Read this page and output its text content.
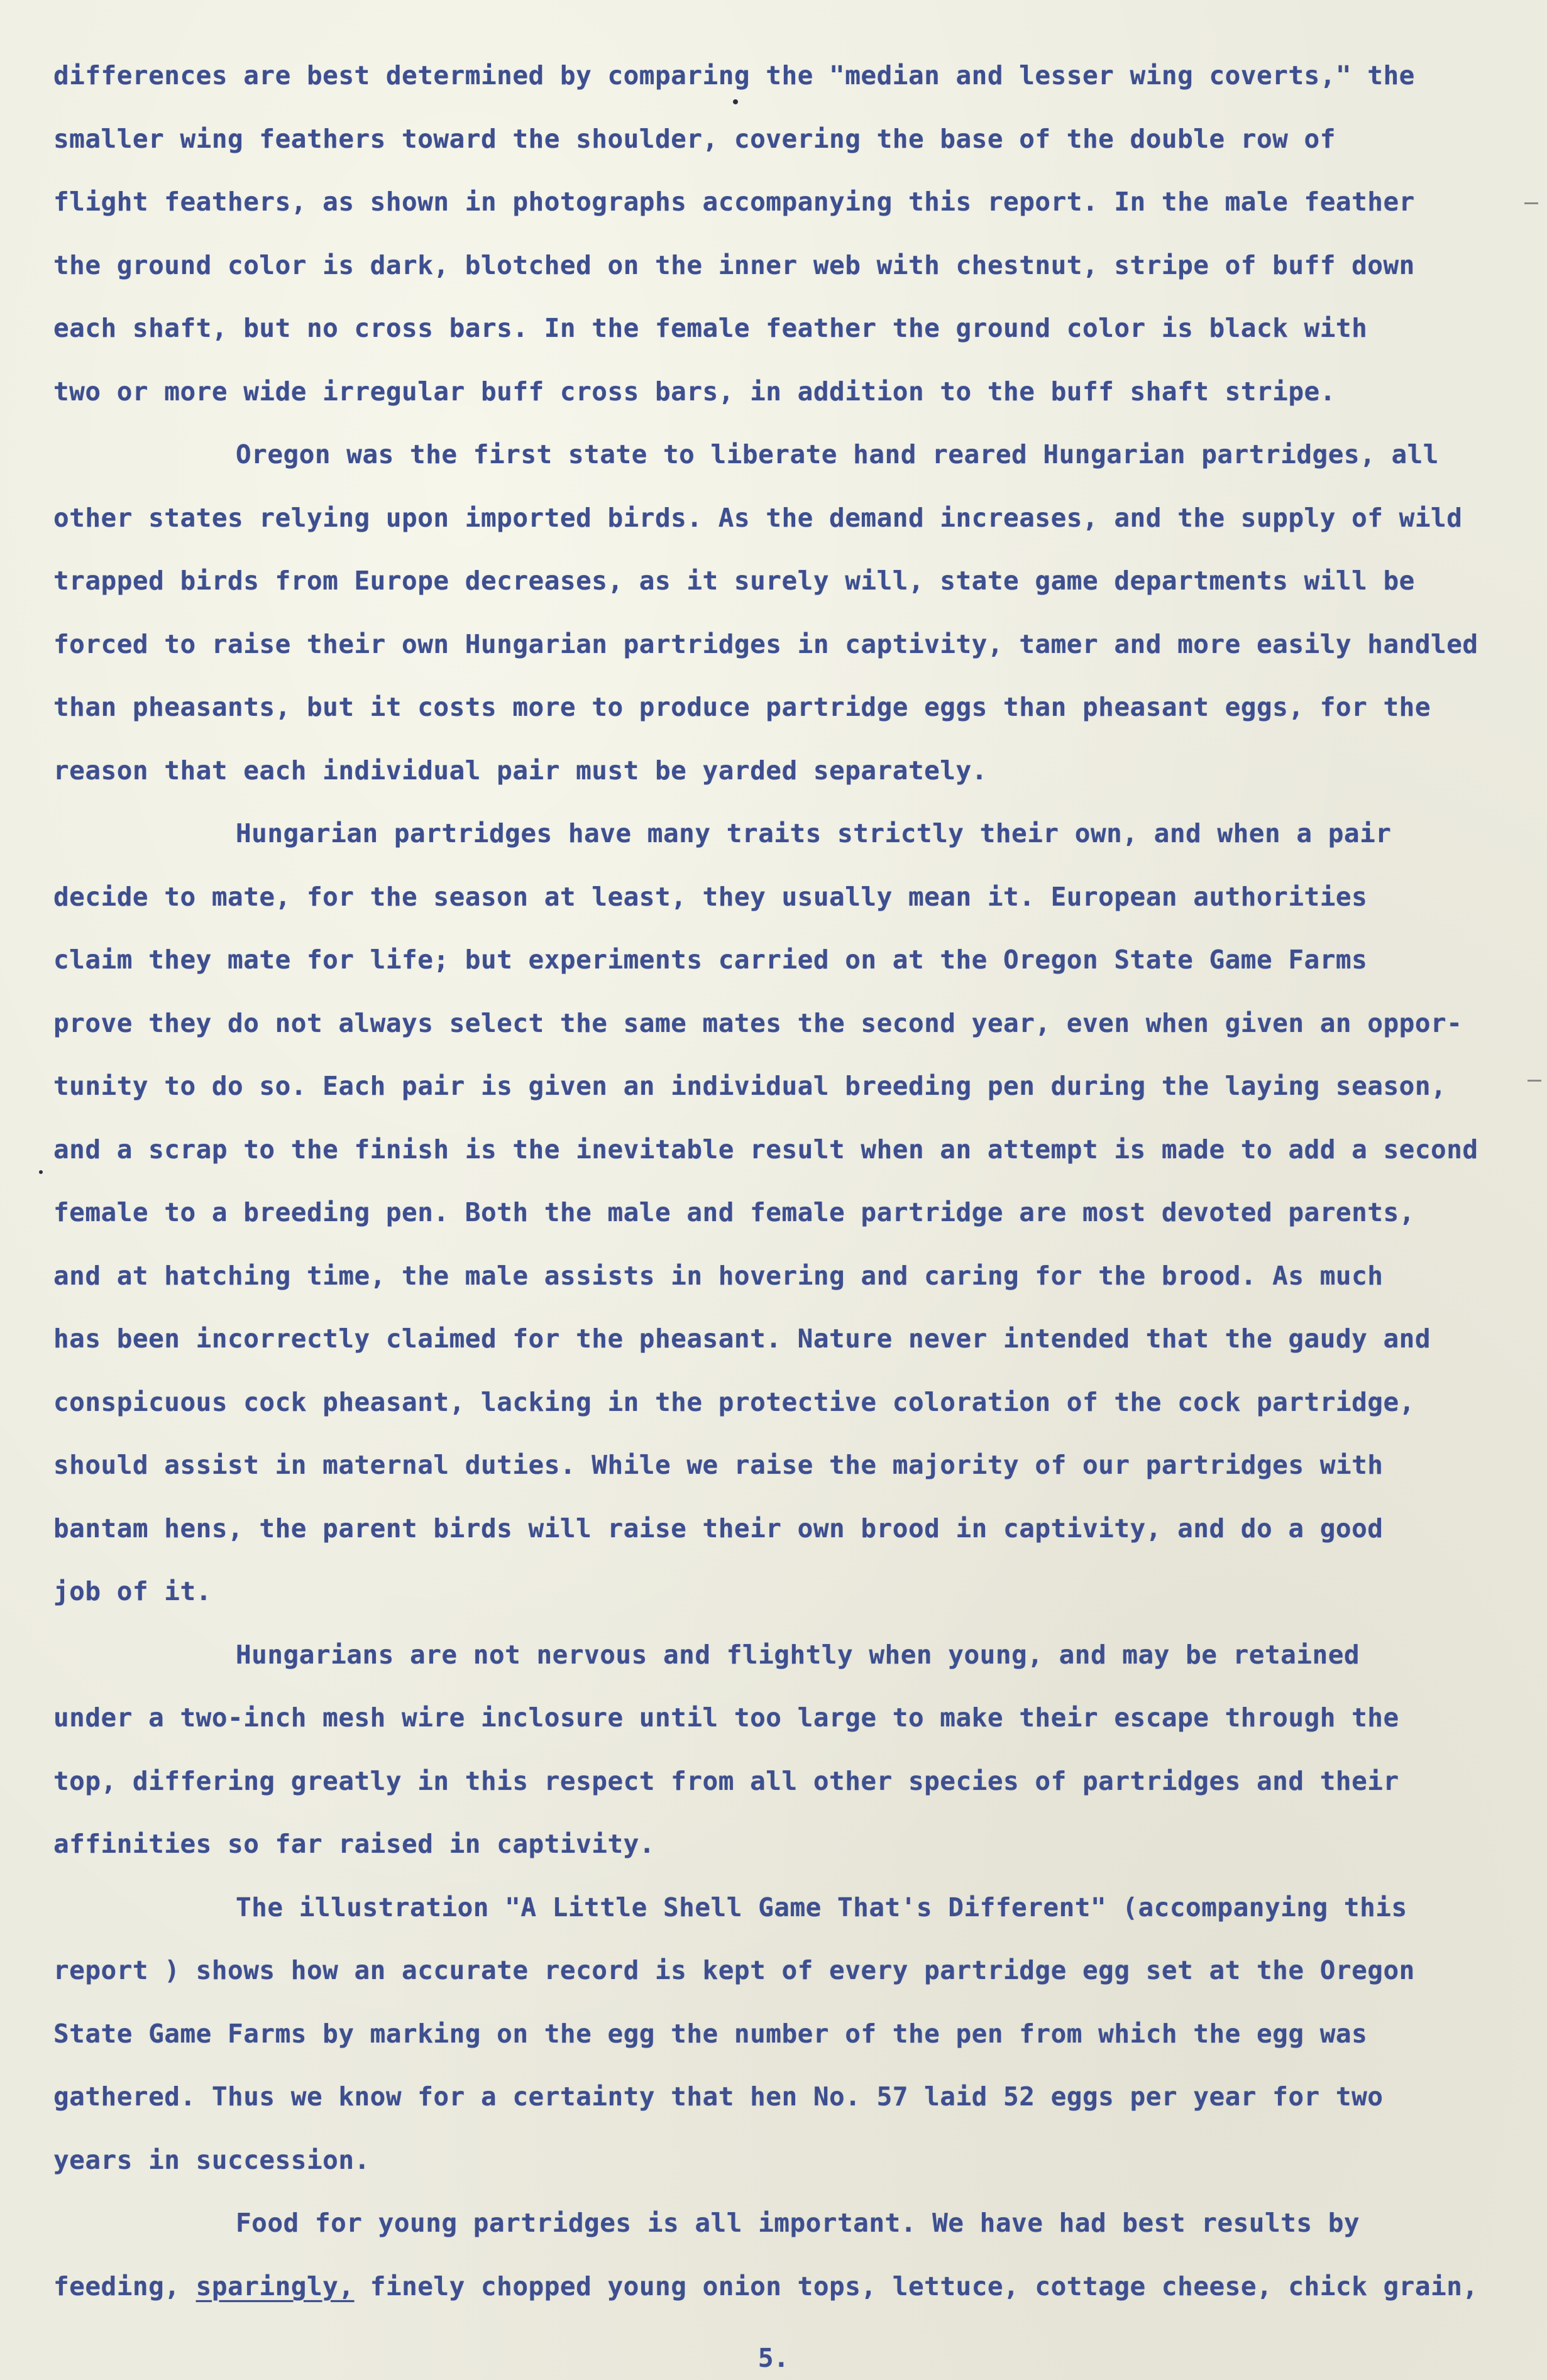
differences are best determined by comparing the "median and lesser wing coverts," the
smaller wing feathers toward the shoulder, covering the base of the double row of
flight feathers, as shown in photographs accompanying this report. In the male feather
the ground color is dark, blotched on the inner web with chestnut, stripe of buff down
each shaft, but no cross bars. In the female feather the ground color is black with
two or more wide irregular buff cross bars, in addition to the buff shaft stripe.
Oregon was the first state to liberate hand reared Hungarian partridges, all
other states relying upon imported birds. As the demand increases, and the supply of wild
trapped birds from Europe decreases, as it surely will, state game departments will be
forced to raise their own Hungarian partridges in captivity, tamer and more easily handled
than pheasants, but it costs more to produce partridge eggs than pheasant eggs, for the
reason that each individual pair must be yarded separately.
Hungarian partridges have many traits strictly their own, and when a pair
decide to mate, for the season at least, they usually mean it. European authorities
claim they mate for life; but experiments carried on at the Oregon State Game Farms
prove they do not always select the same mates the second year, even when given an oppor-
tunity to do so. Each pair is given an individual breeding pen during the laying season,
and a scrap to the finish is the inevitable result when an attempt is made to add a second
female to a breeding pen. Both the male and female partridge are most devoted parents,
and at hatching time, the male assists in hovering and caring for the brood. As much
has been incorrectly claimed for the pheasant. Nature never intended that the gaudy and
conspicuous cock pheasant, lacking in the protective coloration of the cock partridge,
should assist in maternal duties. While we raise the majority of our partridges with
bantam hens, the parent birds will raise their own brood in captivity, and do a good
job of it.
Hungarians are not nervous and flightly when young, and may be retained
under a two-inch mesh wire inclosure until too large to make their escape through the
top, differing greatly in this respect from all other species of partridges and their
affinities so far raised in captivity.
The illustration "A Little Shell Game That's Different" (accompanying this
report ) shows how an accurate record is kept of every partridge egg set at the Oregon
State Game Farms by marking on the egg the number of the pen from which the egg was
gathered. Thus we know for a certainty that hen No. 57 laid 52 eggs per year for two
years in succession.
Food for young partridges is all important. We have had best results by
feeding, sparingly, finely chopped young onion tops, lettuce, cottage cheese, chick grain,
5.
